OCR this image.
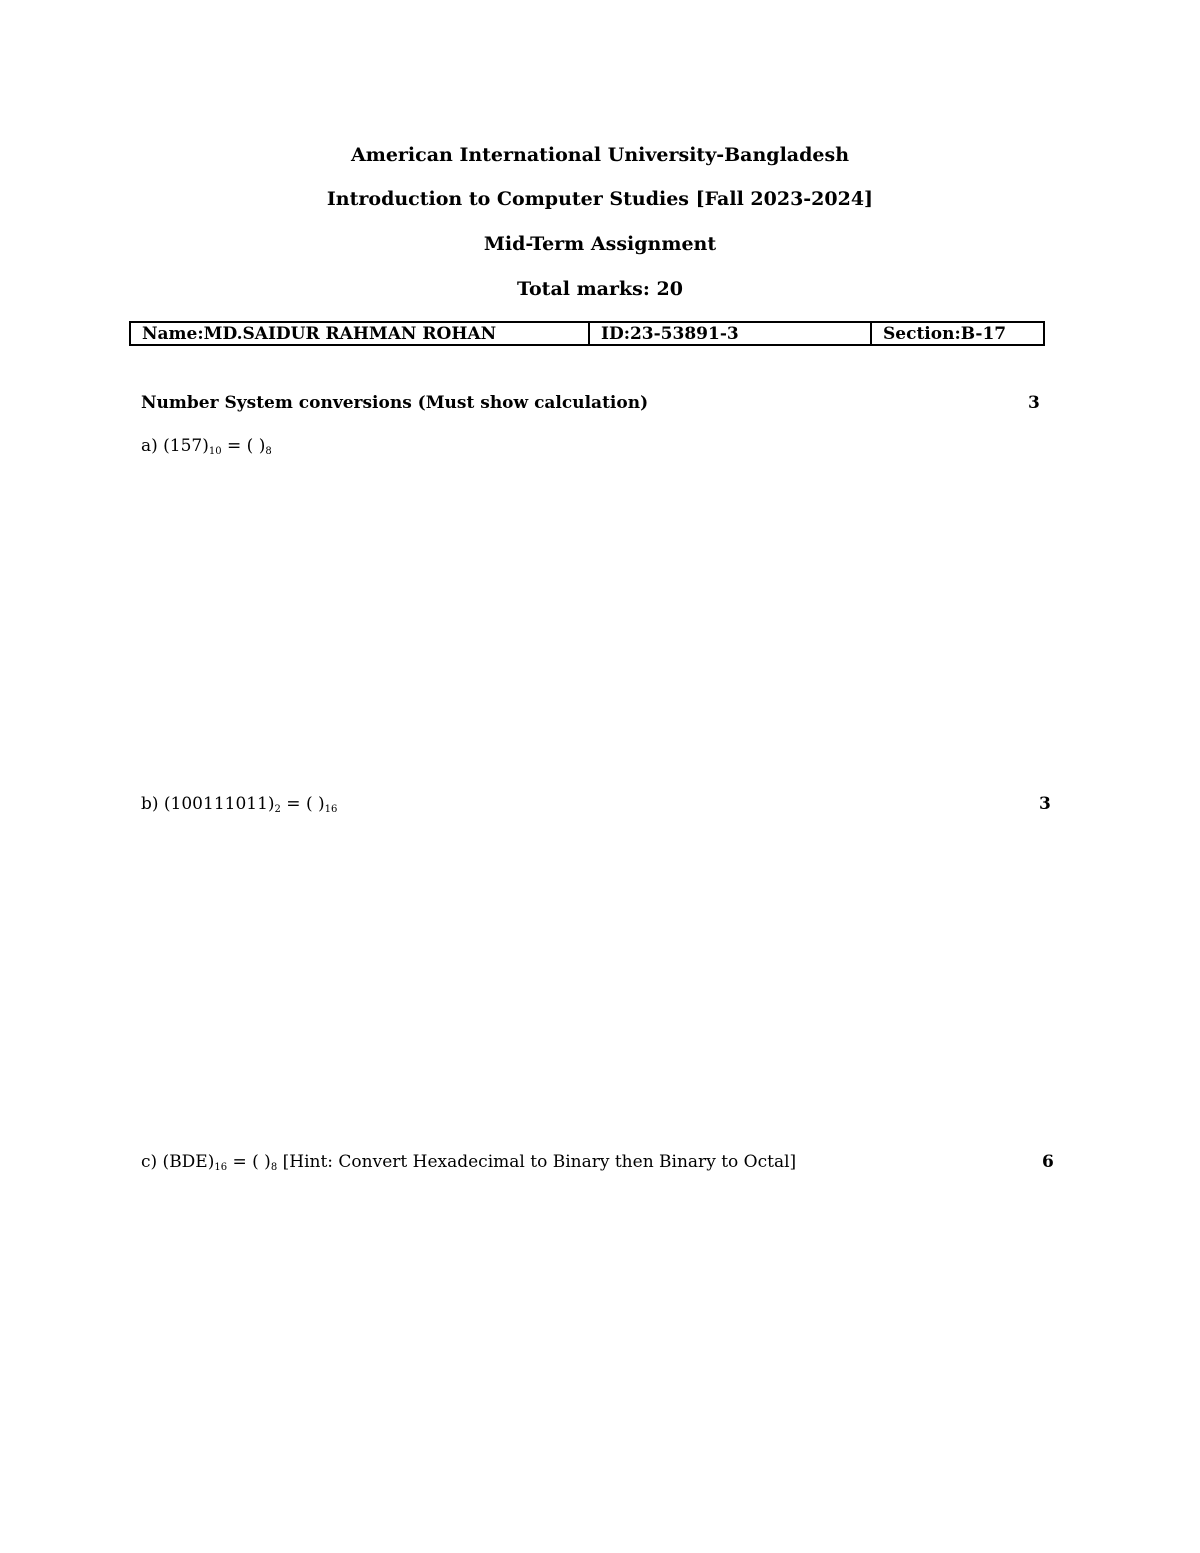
American International University-Bangladesh
Introduction to Computer Studies [Fall 2023-2024]
Mid-Term Assignment
Total marks: 20
Name:MD.SAIDUR RAHMAN ROHAN	ID:23-53891-3	Section:B-17
Number System conversions (Must show calculation)	3
a) $(157)_{10}$ = ( )$_8$
b) $(100111011)_2$ = ( )$_{16}$	3
c) $(BDE)_{16}$ = ( )$_8$ [Hint: Convert Hexadecimal to Binary then Binary to Octal]	6
